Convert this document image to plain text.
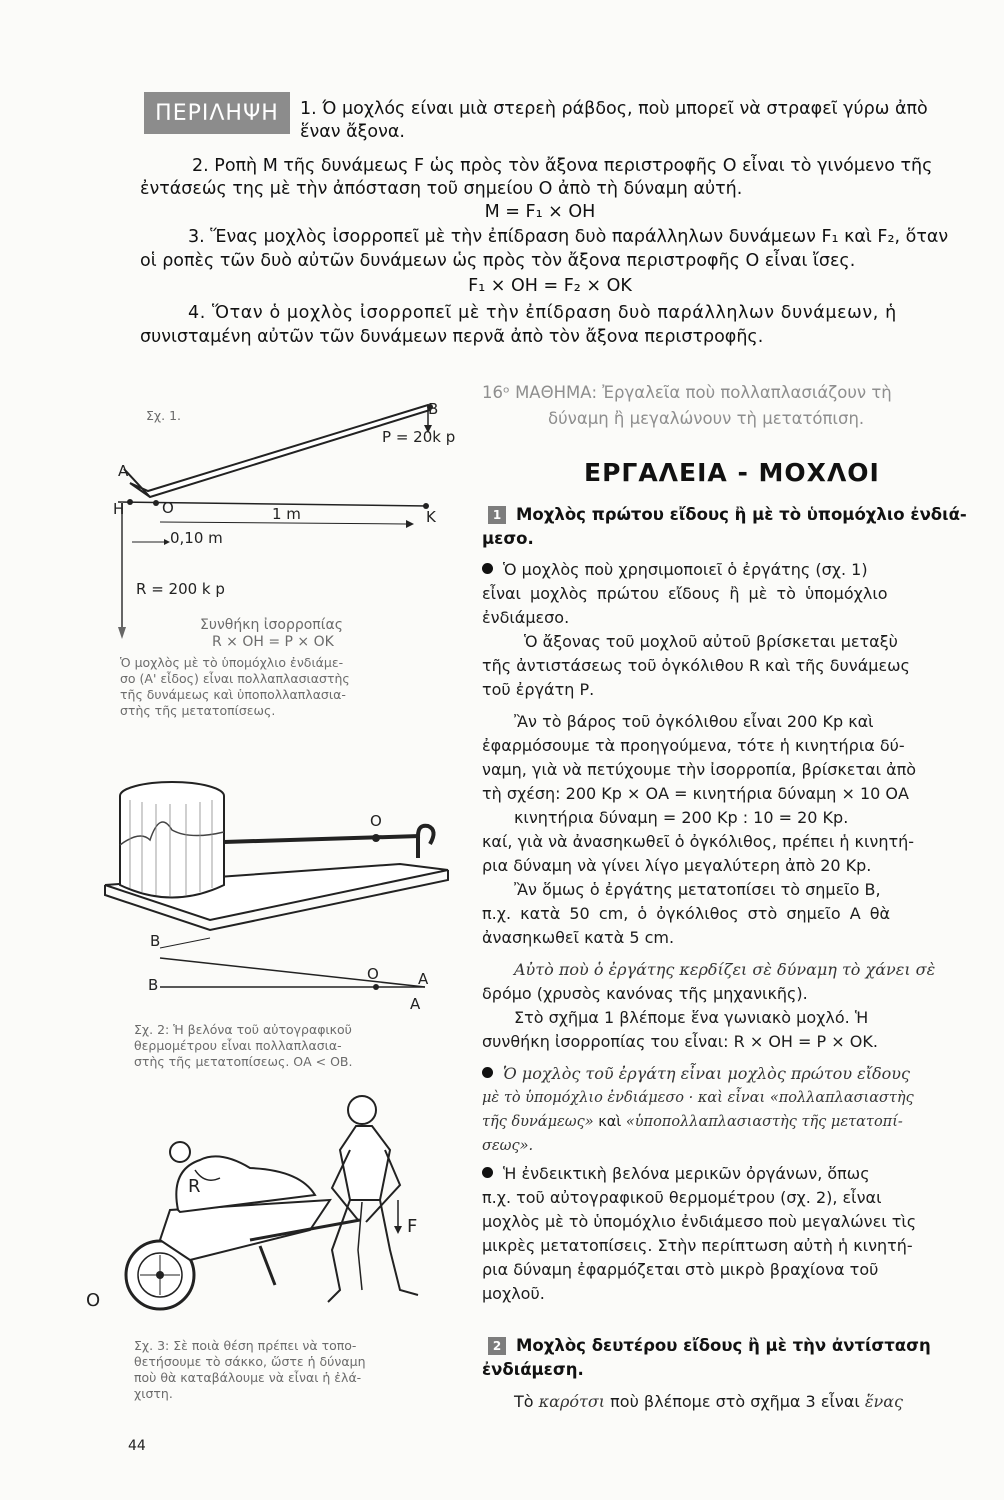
ΠΕΡΙΛΗΨΗ	1. Ό μοχλός είναι μιὰ στερεὴ ράβδος, ποὺ μπορεῖ νὰ στραφεῖ γύρω ἀπὸ
ἕναν ἄξονα.
2. Ροπὴ Μ τῆς δυνάμεως F ὡς πρὸς τὸν ἄξονα περιστροφῆς Ο εἶναι τὸ γινόμενο τῆς
ἐντάσεώς της μὲ τὴν ἀπόσταση τοῦ σημείου Ο ἀπὸ τὴ δύναμη αὐτή.
Μ = F₁ × ΟΗ
3. Ἕνας μοχλὸς ἰσορροπεῖ μὲ τὴν ἐπίδραση δυὸ παράλληλων δυνάμεων F₁ καὶ F₂, ὅταν
οἱ ροπὲς τῶν δυὸ αὐτῶν δυνάμεων ὡς πρὸς τὸν ἄξονα περιστροφῆς Ο εἶναι ἴσες.
F₁ × ΟΗ = F₂ × ΟΚ
4. Ὅταν ὁ μοχλὸς ἰσορροπεῖ μὲ τὴν ἐπίδραση δυὸ παράλληλων δυνάμεων, ἡ
συνισταμένη αὐτῶν τῶν δυνάμεων περνᾶ ἀπὸ τὸν ἄξονα περιστροφῆς.
16ᵒ ΜΑΘΗΜΑ: Ἐργαλεῖα ποὺ πολλαπλασιάζουν τὴ
δύναμη ἢ μεγαλώνουν τὴ μετατόπιση.
ΕΡΓΑΛΕΙΑ - ΜΟΧΛΟΙ
1 Μοχλὸς πρώτου εἴδους ἢ μὲ τὸ ὑπομόχλιο ἐνδιά-
μεσο.
Ὁ μοχλὸς ποὺ χρησιμοποιεῖ ὁ ἐργάτης (σχ. 1)
εἶναι μοχλὸς πρώτου εἴδους ἢ μὲ τὸ ὑπομόχλιο
ἐνδιάμεσο.
Ὁ ἄξονας τοῦ μοχλοῦ αὐτοῦ βρίσκεται μεταξὺ
τῆς ἀντιστάσεως τοῦ ὀγκόλιθου R καὶ τῆς δυνάμεως
τοῦ ἐργάτη Ρ.
Ἂν τὸ βάρος τοῦ ὀγκόλιθου εἶναι 200 Kp καὶ
ἐφαρμόσουμε τὰ προηγούμενα, τότε ἡ κινητήρια δύ-
ναμη, γιὰ νὰ πετύχουμε τὴν ἰσορροπία, βρίσκεται ἀπὸ
τὴ σχέση: 200 Kp × ΟΑ = κινητήρια δύναμη × 10 ΟΑ
κινητήρια δύναμη = 200 Kp : 10 = 20 Kp.
καί, γιὰ νὰ ἀνασηκωθεῖ ὁ ὀγκόλιθος, πρέπει ἡ κινητή-
ρια δύναμη νὰ γίνει λίγο μεγαλύτερη ἀπὸ 20 Kp.
Ἂν ὅμως ὁ ἐργάτης μετατοπίσει τὸ σημεῖο Β,
π.χ. κατὰ 50 cm, ὁ ὀγκόλιθος στὸ σημεῖο Α θὰ
ἀνασηκωθεῖ κατὰ 5 cm.
Αὐτὸ ποὺ ὁ ἐργάτης κερδίζει σὲ δύναμη τὸ χάνει σὲ
δρόμο (χρυσὸς κανόνας τῆς μηχανικῆς).
Στὸ σχῆμα 1 βλέπομε ἕνα γωνιακὸ μοχλό. Ἡ
συνθήκη ἰσορροπίας του εἶναι: R × ΟΗ = Ρ × ΟΚ.
Ὁ μοχλὸς τοῦ ἐργάτη εἶναι μοχλὸς πρώτου εἴδους
μὲ τὸ ὑπομόχλιο ἐνδιάμεσο · καὶ εἶναι «πολλαπλασιαστὴς
τῆς δυνάμεως» καὶ «ὑποπολλαπλασιαστὴς τῆς μετατοπί-
σεως».
Ἡ ἐνδεικτικὴ βελόνα μερικῶν ὀργάνων, ὅπως
π.χ. τοῦ αὐτογραφικοῦ θερμομέτρου (σχ. 2), εἶναι
μοχλὸς μὲ τὸ ὑπομόχλιο ἐνδιάμεσο ποὺ μεγαλώνει τὶς
μικρὲς μετατοπίσεις. Στὴν περίπτωση αὐτὴ ἡ κινητή-
ρια δύναμη ἐφαρμόζεται στὸ μικρὸ βραχίονα τοῦ
μοχλοῦ.
2 Μοχλὸς δευτέρου εἴδους ἢ μὲ τὴν ἀντίσταση
ἐνδιάμεση.
Τὸ καρότσι ποὺ βλέπομε στὸ σχῆμα 3 εἶναι ἕνας
Σχ. 1.	Β
P = 20k p
A
H	O	K
1 m
0,10 m
R = 200 k p
Συνθήκη ἰσορροπίας
R × OH = P × OK
Ὁ μοχλὸς μὲ τὸ ὑπομόχλιο ἐνδιάμε-
σο (Α' εἶδος) εἶναι πολλαπλασιαστὴς
τῆς δυνάμεως καὶ ὑποπολλαπλασια-
στὴς τῆς μετατοπίσεως.
O
B
B
O	A
A
Σχ. 2: Ἡ βελόνα τοῦ αὐτογραφικοῦ
θερμομέτρου εἶναι πολλαπλασια-
στὴς τῆς μετατοπίσεως. ΟΑ < ΟΒ.
R
F
O
Σχ. 3: Σὲ ποιὰ θέση πρέπει νὰ τοπο-
θετήσουμε τὸ σάκκο, ὥστε ἡ δύναμη
ποὺ θὰ καταβάλουμε νὰ εἶναι ἡ ἐλά-
χιστη.
44
